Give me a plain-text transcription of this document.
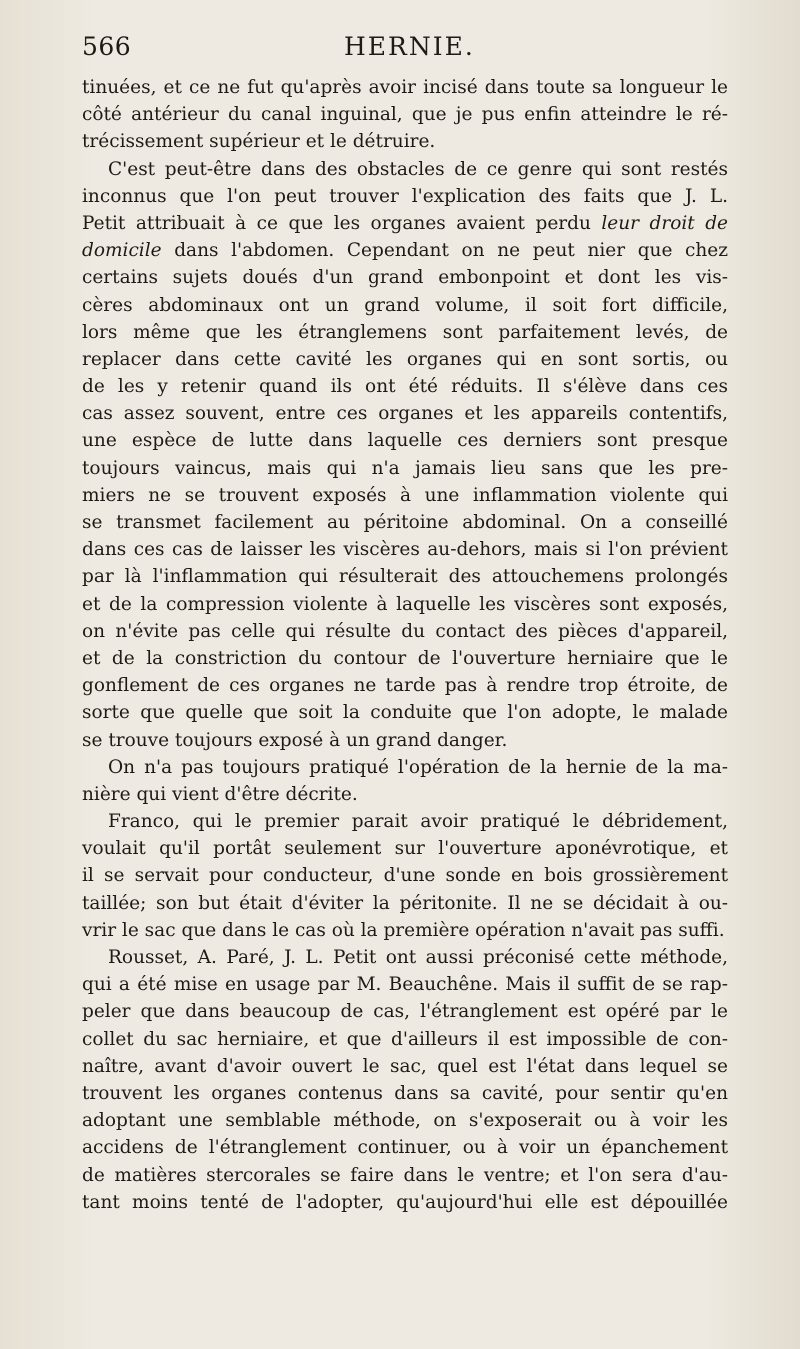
566	HERNIE.
tinuées, et ce ne fut qu'après avoir incisé dans toute sa longueur le
côté antérieur du canal inguinal, que je pus enfin atteindre le ré-
trécissement supérieur et le détruire.
C'est peut-être dans des obstacles de ce genre qui sont restés
inconnus que l'on peut trouver l'explication des faits que J. L.
Petit attribuait à ce que les organes avaient perdu leur droit de
domicile dans l'abdomen. Cependant on ne peut nier que chez
certains sujets doués d'un grand embonpoint et dont les vis-
cères abdominaux ont un grand volume, il soit fort difficile,
lors même que les étranglemens sont parfaitement levés, de
replacer dans cette cavité les organes qui en sont sortis, ou
de les y retenir quand ils ont été réduits. Il s'élève dans ces
cas assez souvent, entre ces organes et les appareils contentifs,
une espèce de lutte dans laquelle ces derniers sont presque
toujours vaincus, mais qui n'a jamais lieu sans que les pre-
miers ne se trouvent exposés à une inflammation violente qui
se transmet facilement au péritoine abdominal. On a conseillé
dans ces cas de laisser les viscères au-dehors, mais si l'on prévient
par là l'inflammation qui résulterait des attouchemens prolongés
et de la compression violente à laquelle les viscères sont exposés,
on n'évite pas celle qui résulte du contact des pièces d'appareil,
et de la constriction du contour de l'ouverture herniaire que le
gonflement de ces organes ne tarde pas à rendre trop étroite, de
sorte que quelle que soit la conduite que l'on adopte, le malade
se trouve toujours exposé à un grand danger.
On n'a pas toujours pratiqué l'opération de la hernie de la ma-
nière qui vient d'être décrite.
Franco, qui le premier parait avoir pratiqué le débridement,
voulait qu'il portât seulement sur l'ouverture aponévrotique, et
il se servait pour conducteur, d'une sonde en bois grossièrement
taillée; son but était d'éviter la péritonite. Il ne se décidait à ou-
vrir le sac que dans le cas où la première opération n'avait pas suffi.
Rousset, A. Paré, J. L. Petit ont aussi préconisé cette méthode,
qui a été mise en usage par M. Beauchêne. Mais il suffit de se rap-
peler que dans beaucoup de cas, l'étranglement est opéré par le
collet du sac herniaire, et que d'ailleurs il est impossible de con-
naître, avant d'avoir ouvert le sac, quel est l'état dans lequel se
trouvent les organes contenus dans sa cavité, pour sentir qu'en
adoptant une semblable méthode, on s'exposerait ou à voir les
accidens de l'étranglement continuer, ou à voir un épanchement
de matières stercorales se faire dans le ventre; et l'on sera d'au-
tant moins tenté de l'adopter, qu'aujourd'hui elle est dépouillée
